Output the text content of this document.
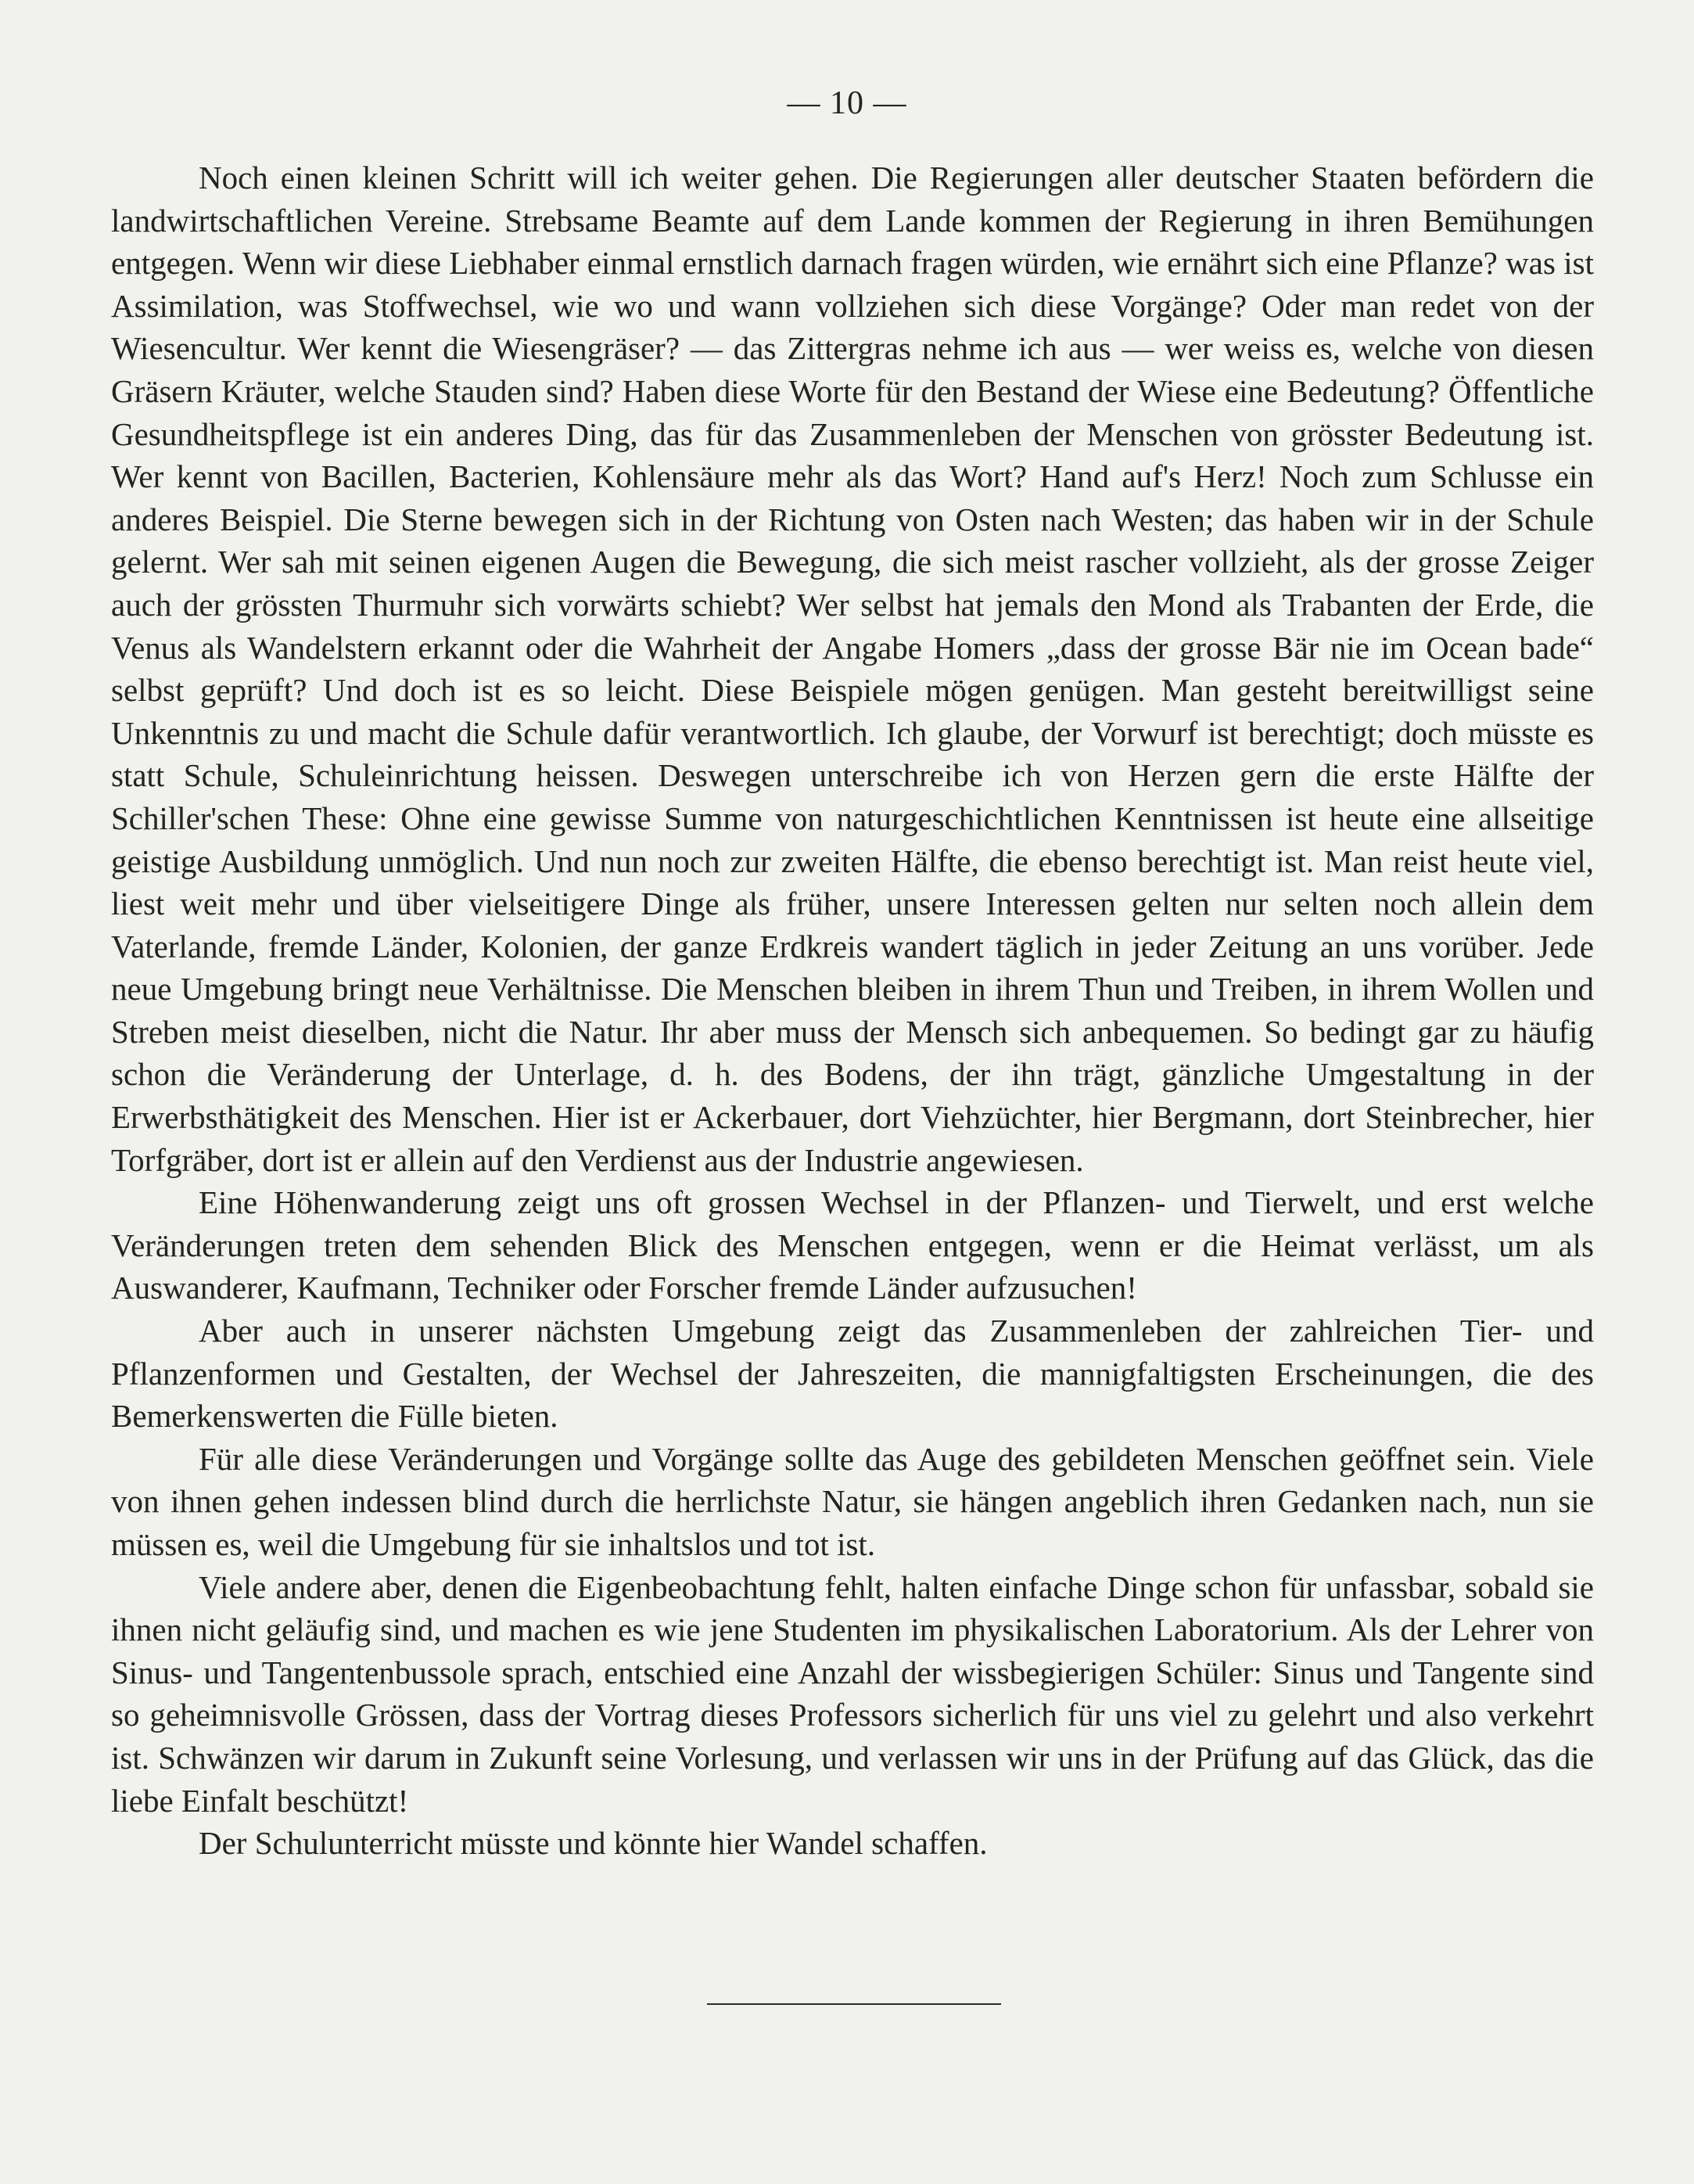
— 10 —

Noch einen kleinen Schritt will ich weiter gehen. Die Regierungen aller deutscher Staaten befördern die landwirtschaftlichen Vereine. Strebsame Beamte auf dem Lande kommen der Regierung in ihren Bemühungen entgegen. Wenn wir diese Liebhaber einmal ernstlich darnach fragen würden, wie ernährt sich eine Pflanze? was ist Assimilation, was Stoffwechsel, wie wo und wann vollziehen sich diese Vorgänge? Oder man redet von der Wiesencultur. Wer kennt die Wiesengräser? — das Zittergras nehme ich aus — wer weiss es, welche von diesen Gräsern Kräuter, welche Stauden sind? Haben diese Worte für den Bestand der Wiese eine Bedeutung? Öffentliche Gesundheitspflege ist ein anderes Ding, das für das Zusammenleben der Menschen von grösster Bedeutung ist. Wer kennt von Bacillen, Bacterien, Kohlensäure mehr als das Wort? Hand auf's Herz! Noch zum Schlusse ein anderes Beispiel. Die Sterne bewegen sich in der Richtung von Osten nach Westen; das haben wir in der Schule gelernt. Wer sah mit seinen eigenen Augen die Bewegung, die sich meist rascher vollzieht, als der grosse Zeiger auch der grössten Thurmuhr sich vorwärts schiebt? Wer selbst hat jemals den Mond als Trabanten der Erde, die Venus als Wandelstern erkannt oder die Wahrheit der Angabe Homers „dass der grosse Bär nie im Ocean bade“ selbst geprüft? Und doch ist es so leicht. Diese Beispiele mögen genügen. Man gesteht bereitwilligst seine Unkenntnis zu und macht die Schule dafür verantwortlich. Ich glaube, der Vorwurf ist berechtigt; doch müsste es statt Schule, Schuleinrichtung heissen. Deswegen unterschreibe ich von Herzen gern die erste Hälfte der Schiller'schen These: Ohne eine gewisse Summe von naturgeschichtlichen Kenntnissen ist heute eine allseitige geistige Ausbildung unmöglich. Und nun noch zur zweiten Hälfte, die ebenso berechtigt ist. Man reist heute viel, liest weit mehr und über vielseitigere Dinge als früher, unsere Interessen gelten nur selten noch allein dem Vaterlande, fremde Länder, Kolonien, der ganze Erdkreis wandert täglich in jeder Zeitung an uns vorüber. Jede neue Umgebung bringt neue Verhältnisse. Die Menschen bleiben in ihrem Thun und Treiben, in ihrem Wollen und Streben meist dieselben, nicht die Natur. Ihr aber muss der Mensch sich anbequemen. So bedingt gar zu häufig schon die Veränderung der Unterlage, d. h. des Bodens, der ihn trägt, gänzliche Umgestaltung in der Erwerbsthätigkeit des Menschen. Hier ist er Ackerbauer, dort Viehzüchter, hier Bergmann, dort Steinbrecher, hier Torfgräber, dort ist er allein auf den Verdienst aus der Industrie angewiesen.

Eine Höhenwanderung zeigt uns oft grossen Wechsel in der Pflanzen- und Tierwelt, und erst welche Veränderungen treten dem sehenden Blick des Menschen entgegen, wenn er die Heimat verlässt, um als Auswanderer, Kaufmann, Techniker oder Forscher fremde Länder aufzusuchen!

Aber auch in unserer nächsten Umgebung zeigt das Zusammenleben der zahlreichen Tier- und Pflanzenformen und Gestalten, der Wechsel der Jahreszeiten, die mannigfaltigsten Erscheinungen, die des Bemerkenswerten die Fülle bieten.

Für alle diese Veränderungen und Vorgänge sollte das Auge des gebildeten Menschen geöffnet sein. Viele von ihnen gehen indessen blind durch die herrlichste Natur, sie hängen angeblich ihren Gedanken nach, nun sie müssen es, weil die Umgebung für sie inhaltslos und tot ist.

Viele andere aber, denen die Eigenbeobachtung fehlt, halten einfache Dinge schon für unfassbar, sobald sie ihnen nicht geläufig sind, und machen es wie jene Studenten im physikalischen Laboratorium. Als der Lehrer von Sinus- und Tangentenbussole sprach, entschied eine Anzahl der wissbegierigen Schüler: Sinus und Tangente sind so geheimnisvolle Grössen, dass der Vortrag dieses Professors sicherlich für uns viel zu gelehrt und also verkehrt ist. Schwänzen wir darum in Zukunft seine Vorlesung, und verlassen wir uns in der Prüfung auf das Glück, das die liebe Einfalt beschützt!

Der Schulunterricht müsste und könnte hier Wandel schaffen.
